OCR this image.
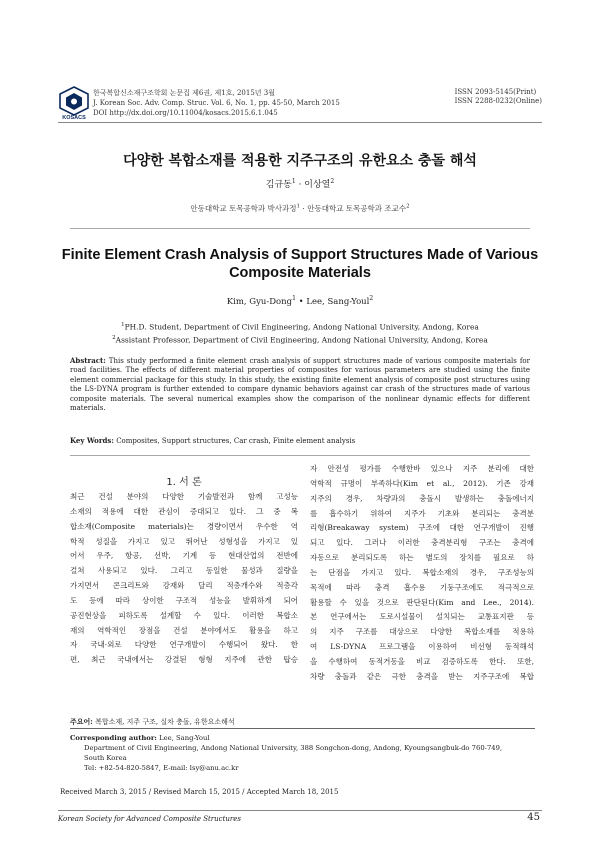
KOSACS
한국복합신소재구조학회 논문집 제6권, 제1호, 2015년 3월
J. Korean Soc. Adv. Comp. Struc. Vol. 6, No. 1, pp. 45-50, March 2015
DOI http://dx.doi.org/10.11004/kosacs.2015.6.1.045
ISSN 2093-5145(Print)
ISSN 2288-0232(Online)
다양한 복합소재를 적용한 지주구조의 유한요소 충돌 해석
김규동$^1$ · 이상열$^2$
안동대학교 토목공학과 박사과정$^1$ · 안동대학교 토목공학과 조교수$^2$
Finite Element Crash Analysis of Support Structures Made of Various
Composite Materials
Kim, Gyu-Dong$^1$ • Lee, Sang-Youl$^2$
$^1$PH.D. Student, Department of Civil Engineering, Andong National University, Andong, Korea
$^2$Assistant Professor, Department of Civil Engineering, Andong National University, Andong, Korea
Abstract: This study performed a finite element crash analysis of support structures made of various composite materials for road facilities. The effects of different material properties of composites for various parameters are studied using the finite element commercial package for this study. In this study, the existing finite element analysis of composite post structures using the LS-DYNA program is further extended to compare dynamic behaviors against car crash of the structures made of various composite materials. The several numerical examples show the comparison of the nonlinear dynamic effects for different materials.
Key Words: Composites, Support structures, Car crash, Finite element analysis
1. 서 론
최근 건설 분야의 다양한 기술발전과 함께 고성능
소재의 적용에 대한 관심이 증대되고 있다. 그 중 복
합소재(Composite materials)는 경량이면서 우수한 역
학적 성질을 가지고 있고 뛰어난 성형성을 가지고 있
어서 우주, 항공, 선박, 기계 등 현대산업의 전반에
걸쳐 사용되고 있다. 그리고 동일한 물성과 질량을
가지면서 콘크리트와 강재와 달리 적층개수와 적층각
도 등에 따라 상이한 구조적 성능을 발휘하게 되어
공진현상을 피하도록 설계할 수 있다. 이러한 복합소
재의 역학적인 장점을 건설 분야에서도 활용을 하고
자 국내·외로 다양한 연구개발이 수행되어 왔다. 한
편, 최근 국내에서는 강결된 형형 지주에 관한 탑승
자 안전성 평가를 수행한바 있으나 지주 분리에 대한
역학적 규명이 부족하다(Kim et al., 2012). 기존 강재
지주의 경우, 차량과의 충돌시 발생하는 충돌에너지
를 흡수하기 위하여 지주가 기초와 분리되는 충격분
리형(Breakaway system) 구조에 대한 연구개발이 진행
되고 있다. 그러나 이러한 충격분리형 구조는 충격에
자동으로 분리되도록 하는 별도의 장치를 필요로 하
는 단점을 가지고 있다. 복합소재의 경우, 구조성능의
목적에 따라 충격 흡수용 기둥구조에도 적극적으로
활용할 수 있을 것으로 판단된다(Kim and Lee., 2014).
본 연구에서는 도로시설물이 설치되는 교통표지판 등
의 지주 구조를 대상으로 다양한 복합소재를 적용하
여 LS-DYNA 프로그램을 이용하여 비선형 동적해석
을 수행하여 동적거동을 비교 검증하도록 한다. 또한,
차량 충돌과 같은 극한 충격을 받는 지주구조에 복합
주요어: 복합소재, 지주 구조, 실차 충돌, 유한요소해석
Corresponding author: Lee, Sang-Youl
Department of Civil Engineering, Andong National University, 388 Songchon-dong, Andong, Kyoungsangbuk-do 760-749,
South Korea
Tel: +82-54-820-5847, E-mail: lsy@anu.ac.kr
Received March 3, 2015 / Revised March 15, 2015 / Accepted March 18, 2015
Korean Society for Advanced Composite Structures	45
